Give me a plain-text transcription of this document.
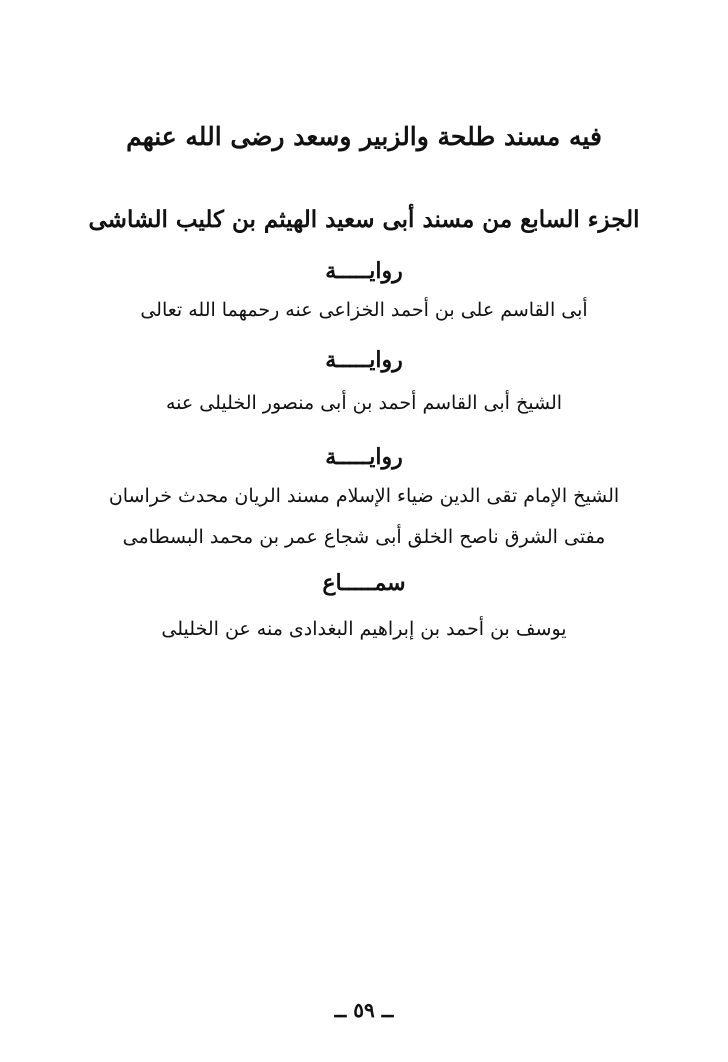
فيه مسند طلحة والزبير وسعد رضى الله عنهم
الجزء السابع من مسند أبى سعيد الهيثم بن كليب الشاشى
روايـــــة
أبى القاسم على بن أحمد الخزاعى عنه رحمهما الله تعالى
روايـــــة
الشيخ أبى القاسم أحمد بن أبى منصور الخليلى عنه
روايـــــة
الشيخ الإمام تقى الدين ضياء الإسلام مسند الريان محدث خراسان
مفتى الشرق ناصح الخلق أبى شجاع عمر بن محمد البسطامى
سمـــــاع
يوسف بن أحمد بن إبراهيم البغدادى منه عن الخليلى
ــ ٥٩ ــ
